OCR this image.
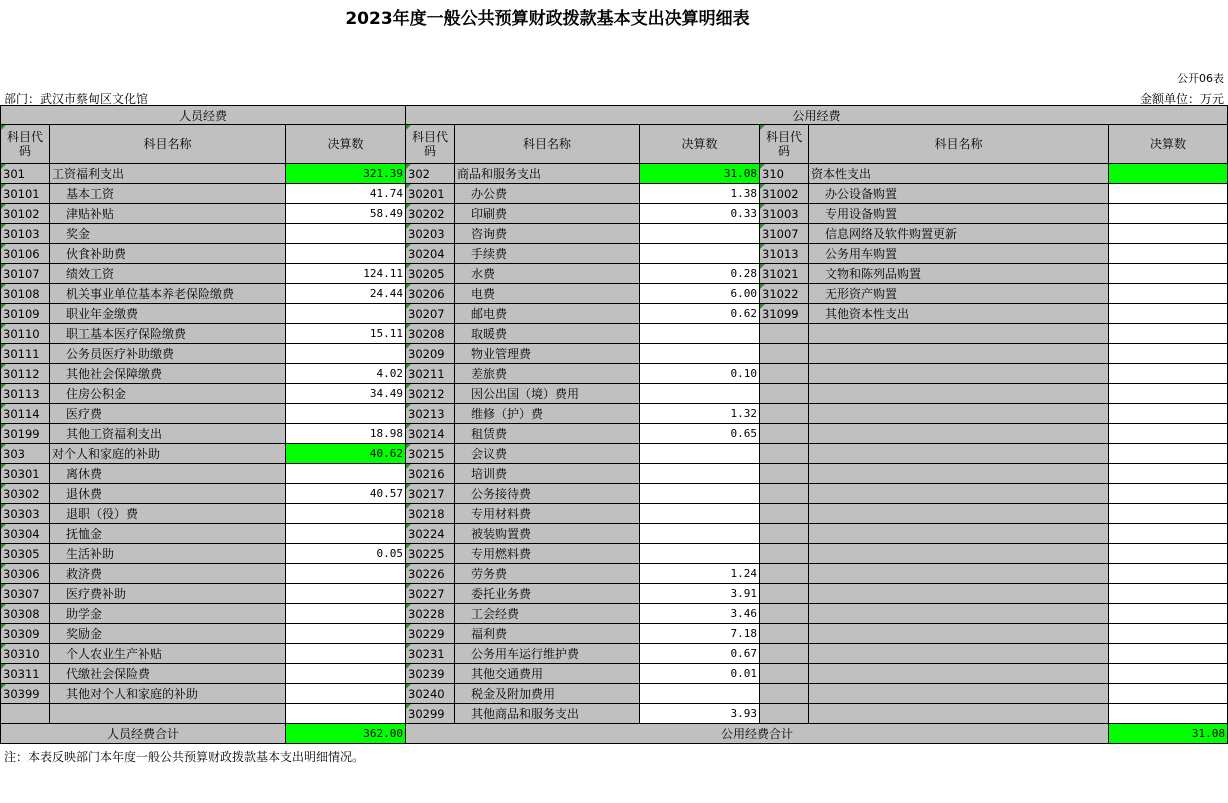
2023年度一般公共预算财政拨款基本支出决算明细表
公开06表
部门：武汉市蔡甸区文化馆	金额单位：万元
人员经费			公用经费					
科目代码	科目名称	决算数	科目代码	科目名称	决算数	科目代码	科目名称	决算数
301	工资福利支出	321.39	302	商品和服务支出	31.08	310	资本性支出	
30101	基本工资	41.74	30201	办公费	1.38	31002	办公设备购置	
30102	津贴补贴	58.49	30202	印刷费	0.33	31003	专用设备购置	
30103	奖金		30203	咨询费		31007	信息网络及软件购置更新	
30106	伙食补助费		30204	手续费		31013	公务用车购置	
30107	绩效工资	124.11	30205	水费	0.28	31021	文物和陈列品购置	
30108	机关事业单位基本养老保险缴费	24.44	30206	电费	6.00	31022	无形资产购置	
30109	职业年金缴费		30207	邮电费	0.62	31099	其他资本性支出	
30110	职工基本医疗保险缴费	15.11	30208	取暖费				
30111	公务员医疗补助缴费		30209	物业管理费				
30112	其他社会保障缴费	4.02	30211	差旅费	0.10			
30113	住房公积金	34.49	30212	因公出国（境）费用				
30114	医疗费		30213	维修（护）费	1.32			
30199	其他工资福利支出	18.98	30214	租赁费	0.65			
303	对个人和家庭的补助	40.62	30215	会议费				
30301	离休费		30216	培训费				
30302	退休费	40.57	30217	公务接待费				
30303	退职（役）费		30218	专用材料费				
30304	抚恤金		30224	被装购置费				
30305	生活补助	0.05	30225	专用燃料费				
30306	救济费		30226	劳务费	1.24			
30307	医疗费补助		30227	委托业务费	3.91			
30308	助学金		30228	工会经费	3.46			
30309	奖励金		30229	福利费	7.18			
30310	个人农业生产补贴		30231	公务用车运行维护费	0.67			
30311	代缴社会保险费		30239	其他交通费用	0.01			
30399	其他对个人和家庭的补助		30240	税金及附加费用				
			30299	其他商品和服务支出	3.93			
人员经费合计		362.00	公用经费合计					31.08
注：本表反映部门本年度一般公共预算财政拨款基本支出明细情况。
